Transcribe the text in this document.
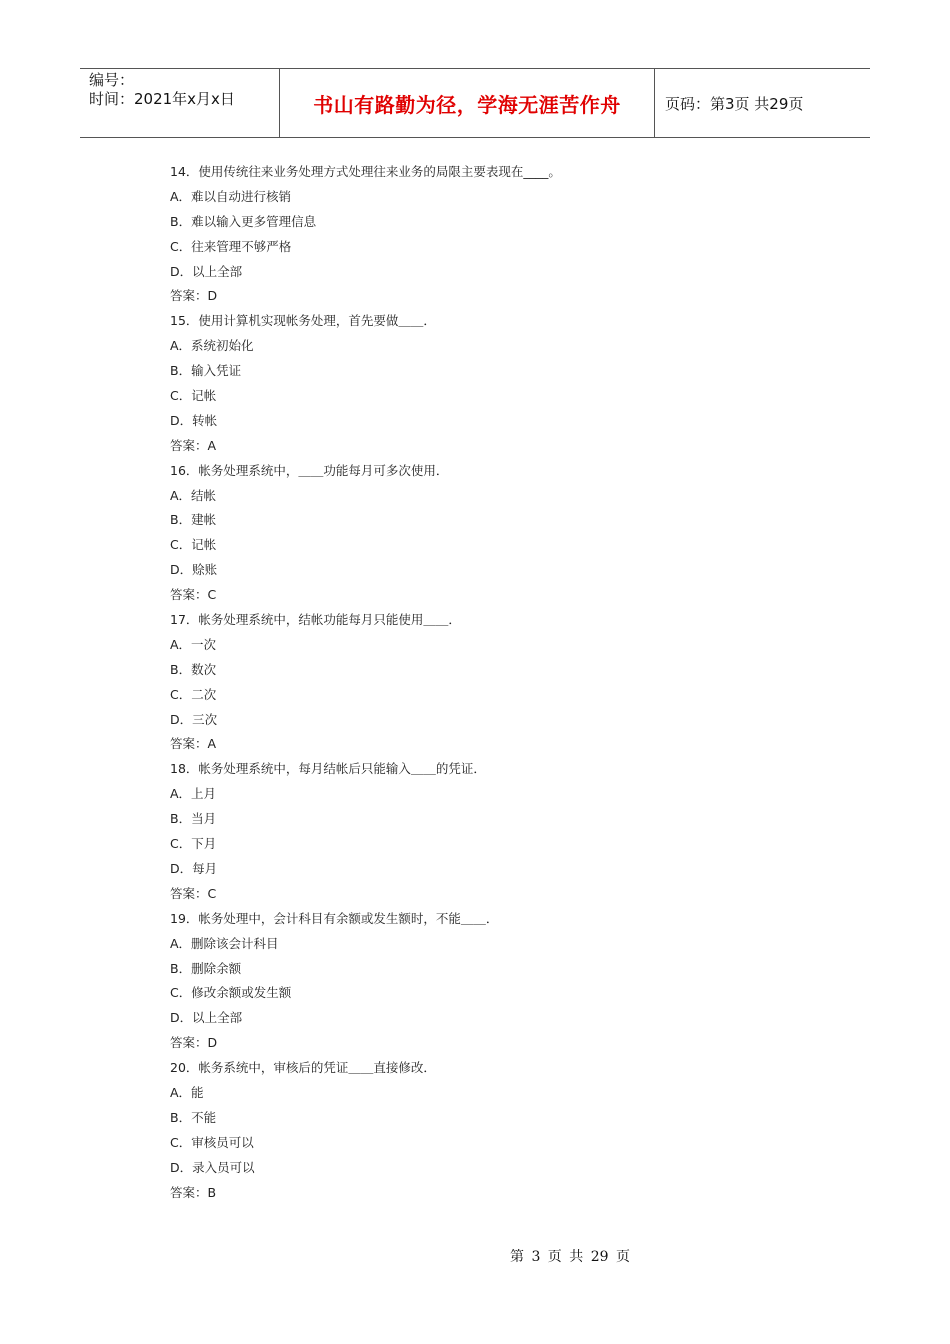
编号：
时间：2021年x月x日	书山有路勤为径，学海无涯苦作舟	页码：第3页 共29页
14．使用传统往来业务处理方式处理往来业务的局限主要表现在____。
A．难以自动进行核销
B．难以输入更多管理信息
C．往来管理不够严格
D．以上全部
答案：D
15．使用计算机实现帐务处理，首先要做＿＿．
A．系统初始化
B．输入凭证
C．记帐
D．转帐
答案：A
16．帐务处理系统中，＿＿功能每月可多次使用．
A．结帐
B．建帐
C．记帐
D．赊账
答案：C
17．帐务处理系统中，结帐功能每月只能使用＿＿．
A．一次
B．数次
C．二次
D．三次
答案：A
18．帐务处理系统中，每月结帐后只能输入＿＿的凭证．
A．上月
B．当月
C．下月
D．每月
答案：C
19．帐务处理中，会计科目有余额或发生额时，不能＿＿．
A．删除该会计科目
B．删除余额
C．修改余额或发生额
D．以上全部
答案：D
20．帐务系统中，审核后的凭证＿＿直接修改．
A．能
B．不能
C．审核员可以
D．录入员可以
答案：B
第 3 页 共 29 页
